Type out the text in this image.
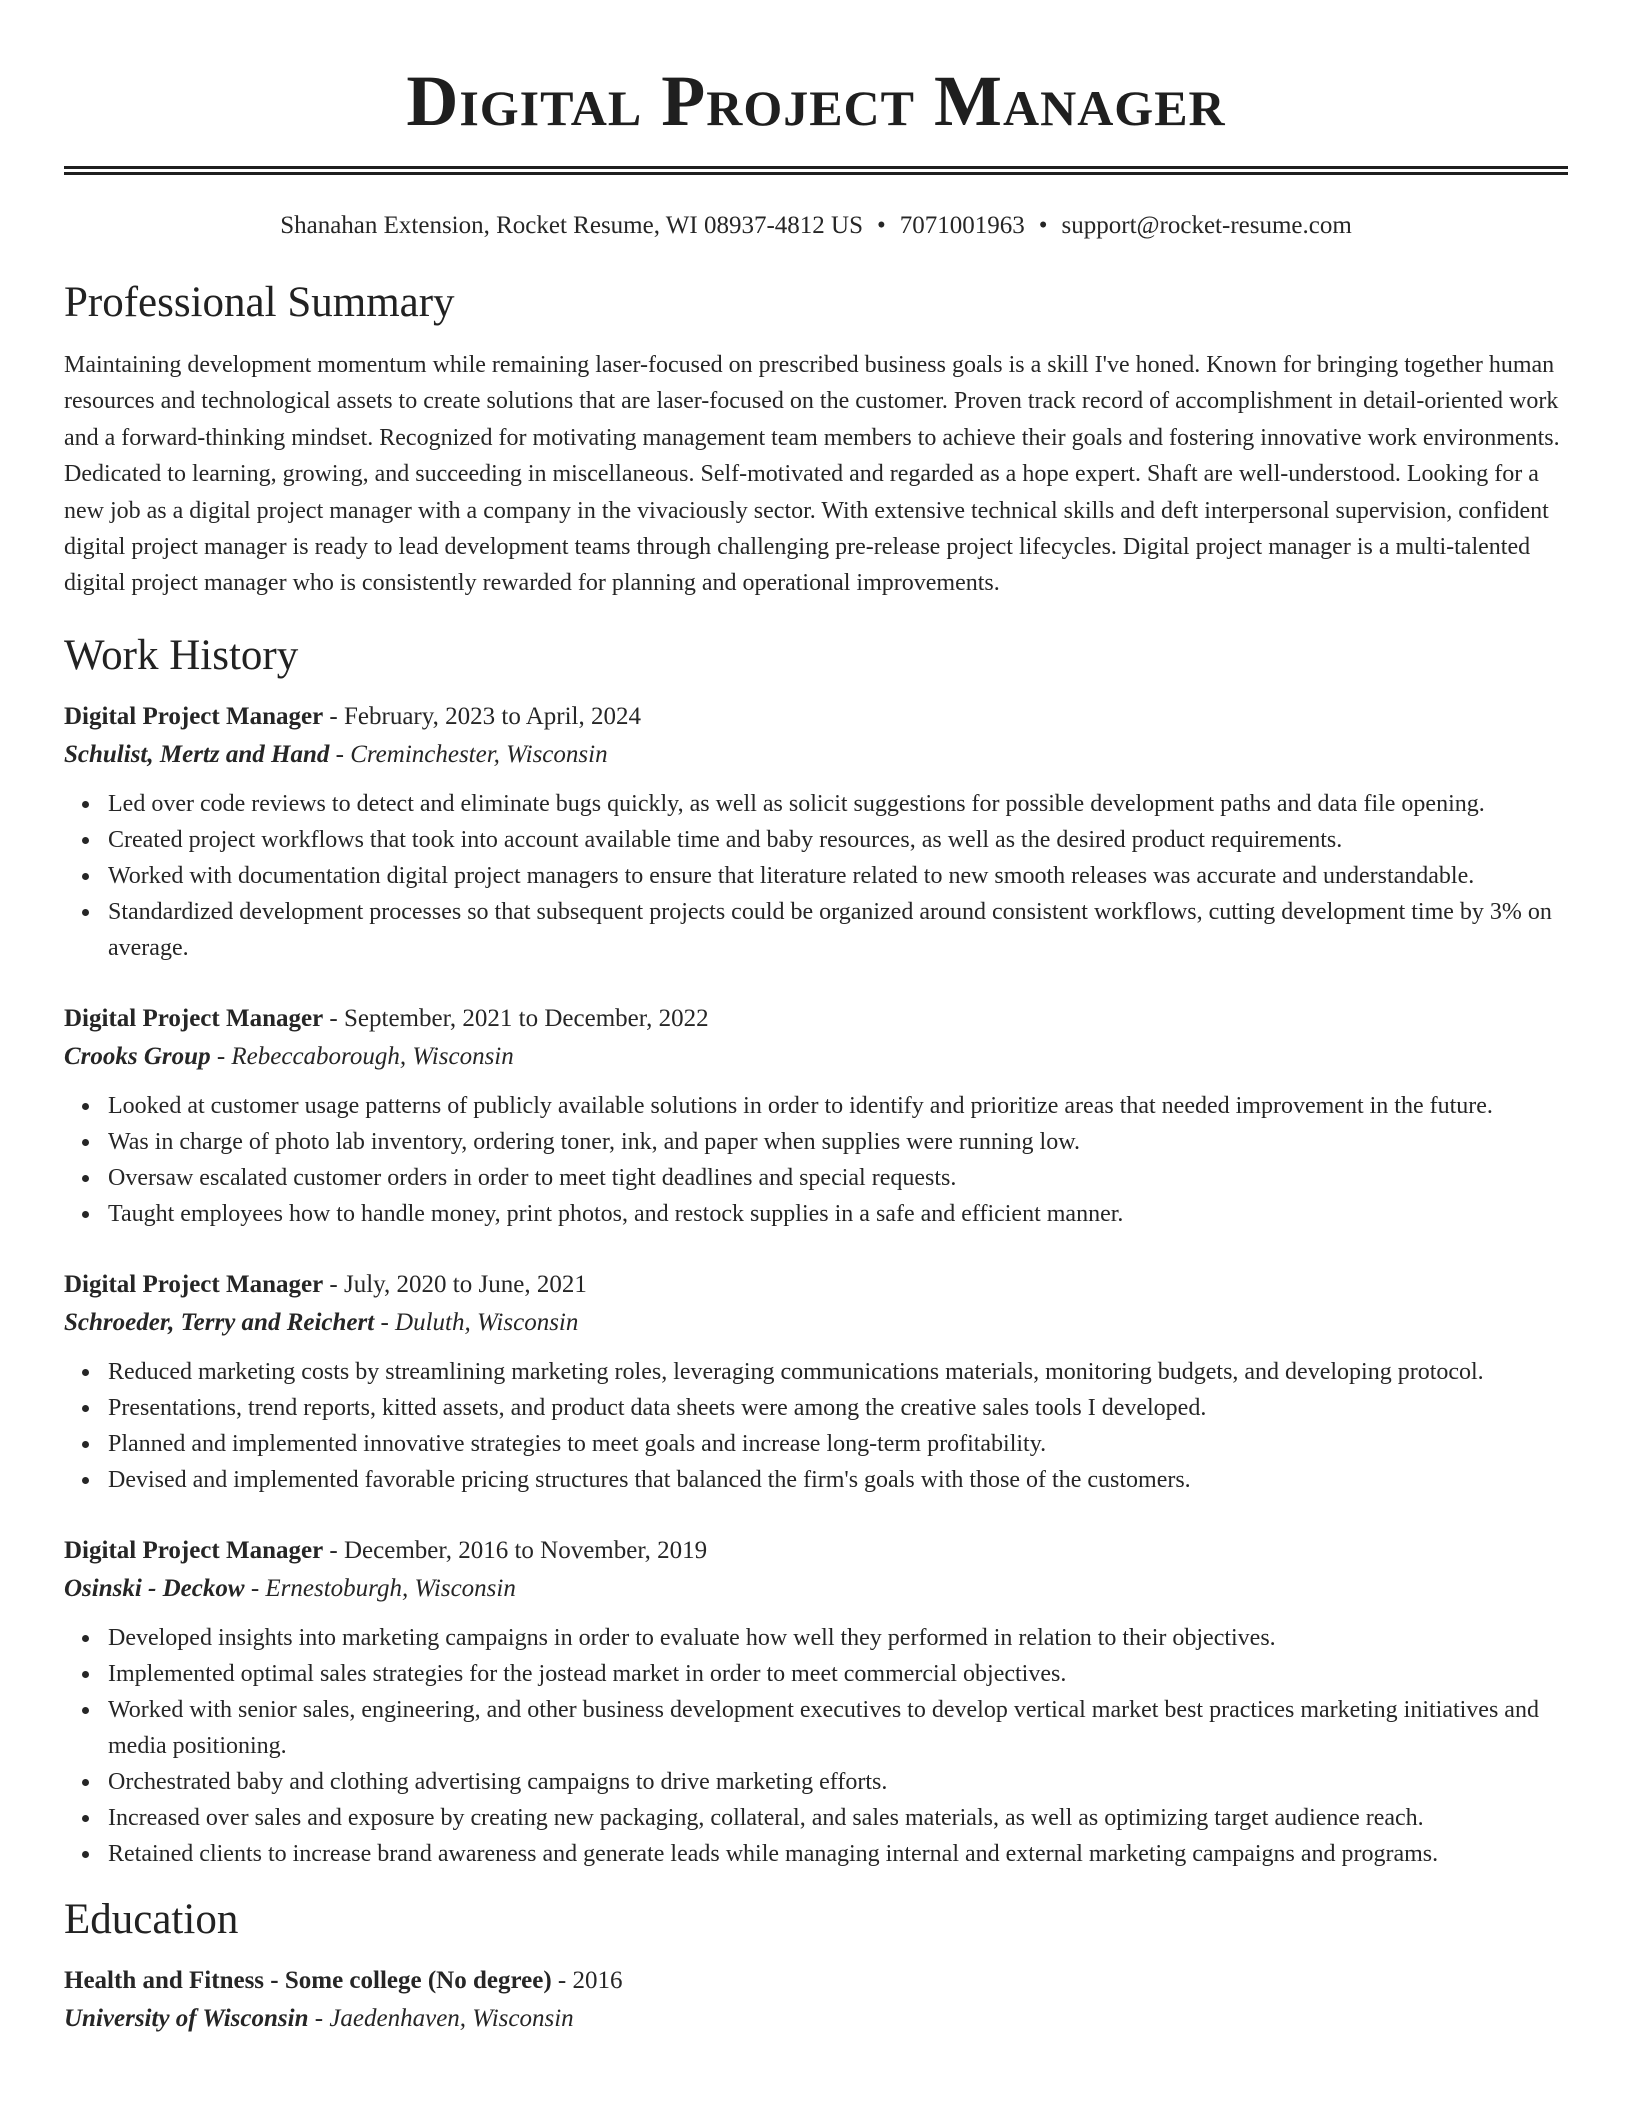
Digital Project Manager
Shanahan Extension, Rocket Resume, WI 08937-4812 US • 7071001963 • support@rocket-resume.com
Professional Summary

Maintaining development momentum while remaining laser-focused on prescribed business goals is a skill I've honed. Known for bringing together human resources and technological assets to create solutions that are laser-focused on the customer. Proven track record of accomplishment in detail-oriented work and a forward-thinking mindset. Recognized for motivating management team members to achieve their goals and fostering innovative work environments. Dedicated to learning, growing, and succeeding in miscellaneous. Self-motivated and regarded as a hope expert. Shaft are well-understood. Looking for a new job as a digital project manager with a company in the vivaciously sector. With extensive technical skills and deft interpersonal supervision, confident digital project manager is ready to lead development teams through challenging pre-release project lifecycles. Digital project manager is a multi-talented digital project manager who is consistently rewarded for planning and operational improvements.

Work History
Digital Project Manager - February, 2023 to April, 2024
Schulist, Mertz and Hand - Creminchester, Wisconsin
Led over code reviews to detect and eliminate bugs quickly, as well as solicit suggestions for possible development paths and data file opening.
Created project workflows that took into account available time and baby resources, as well as the desired product requirements.
Worked with documentation digital project managers to ensure that literature related to new smooth releases was accurate and understandable.
Standardized development processes so that subsequent projects could be organized around consistent workflows, cutting development time by 3% on average.
Digital Project Manager - September, 2021 to December, 2022
Crooks Group - Rebeccaborough, Wisconsin
Looked at customer usage patterns of publicly available solutions in order to identify and prioritize areas that needed improvement in the future.
Was in charge of photo lab inventory, ordering toner, ink, and paper when supplies were running low.
Oversaw escalated customer orders in order to meet tight deadlines and special requests.
Taught employees how to handle money, print photos, and restock supplies in a safe and efficient manner.
Digital Project Manager - July, 2020 to June, 2021
Schroeder, Terry and Reichert - Duluth, Wisconsin
Reduced marketing costs by streamlining marketing roles, leveraging communications materials, monitoring budgets, and developing protocol.
Presentations, trend reports, kitted assets, and product data sheets were among the creative sales tools I developed.
Planned and implemented innovative strategies to meet goals and increase long-term profitability.
Devised and implemented favorable pricing structures that balanced the firm's goals with those of the customers.
Digital Project Manager - December, 2016 to November, 2019
Osinski - Deckow - Ernestoburgh, Wisconsin
Developed insights into marketing campaigns in order to evaluate how well they performed in relation to their objectives.
Implemented optimal sales strategies for the jostead market in order to meet commercial objectives.
Worked with senior sales, engineering, and other business development executives to develop vertical market best practices marketing initiatives and media positioning.
Orchestrated baby and clothing advertising campaigns to drive marketing efforts.
Increased over sales and exposure by creating new packaging, collateral, and sales materials, as well as optimizing target audience reach.
Retained clients to increase brand awareness and generate leads while managing internal and external marketing campaigns and programs.
Education
Health and Fitness - Some college (No degree) - 2016
University of Wisconsin - Jaedenhaven, Wisconsin
